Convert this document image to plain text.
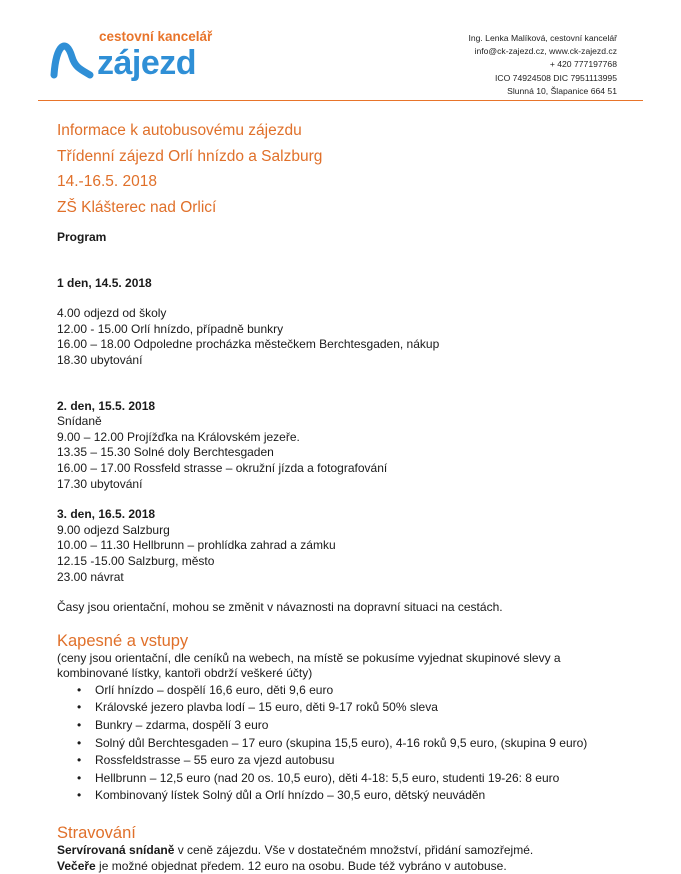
cestovní kancelář
zájezd
Ing. Lenka Malíková, cestovní kancelář
info@ck-zajezd.cz, www.ck-zajezd.cz
+ 420 777197768
ICO 74924508 DIC 7951113995
Slunná 10, Šlapanice 664 51
Informace k autobusovému zájezdu
Třídenní zájezd Orlí hnízdo a Salzburg
14.-16.5. 2018
ZŠ Klášterec nad Orlicí

Program

1 den, 14.5. 2018

4.00 odjezd od školy

12.00 - 15.00 Orlí hnízdo, případně bunkry

16.00 – 18.00 Odpoledne procházka městečkem Berchtesgaden, nákup

18.30 ubytování

2. den, 15.5. 2018

Snídaně

9.00 – 12.00 Projížďka na Královském jezeře.

13.35 – 15.30 Solné doly Berchtesgaden

16.00 – 17.00 Rossfeld strasse – okružní jízda a fotografování

17.30 ubytování

3. den, 16.5. 2018

9.00 odjezd Salzburg

10.00 – 11.30 Hellbrunn – prohlídka zahrad a zámku

12.15 -15.00 Salzburg, město

23.00 návrat

Časy jsou orientační, mohou se změnit v návaznosti na dopravní situaci na cestách.

Kapesné a vstupy

(ceny jsou orientační, dle ceníků na webech, na místě se pokusíme vyjednat skupinové slevy a

kombinované lístky, kantoři obdrží veškeré účty)

• Orlí hnízdo – dospělí 16,6 euro, děti 9,6 euro
• Královské jezero plavba lodí – 15 euro, děti 9-17 roků 50% sleva
• Bunkry – zdarma, dospělí 3 euro
• Solný důl Berchtesgaden – 17 euro (skupina 15,5 euro), 4-16 roků 9,5 euro, (skupina 9 euro)
• Rossfeldstrasse – 55 euro za vjezd autobusu
• Hellbrunn – 12,5 euro (nad 20 os. 10,5 euro), děti 4-18: 5,5 euro, studenti 19-26: 8 euro
• Kombinovaný lístek Solný důl a Orlí hnízdo – 30,5 euro, dětský neuváděn

Stravování

Servírovaná snídaně v ceně zájezdu. Vše v dostatečném množství, přidání samozřejmé.

Večeře je možné objednat předem. 12 euro na osobu. Bude též vybráno v autobuse.
